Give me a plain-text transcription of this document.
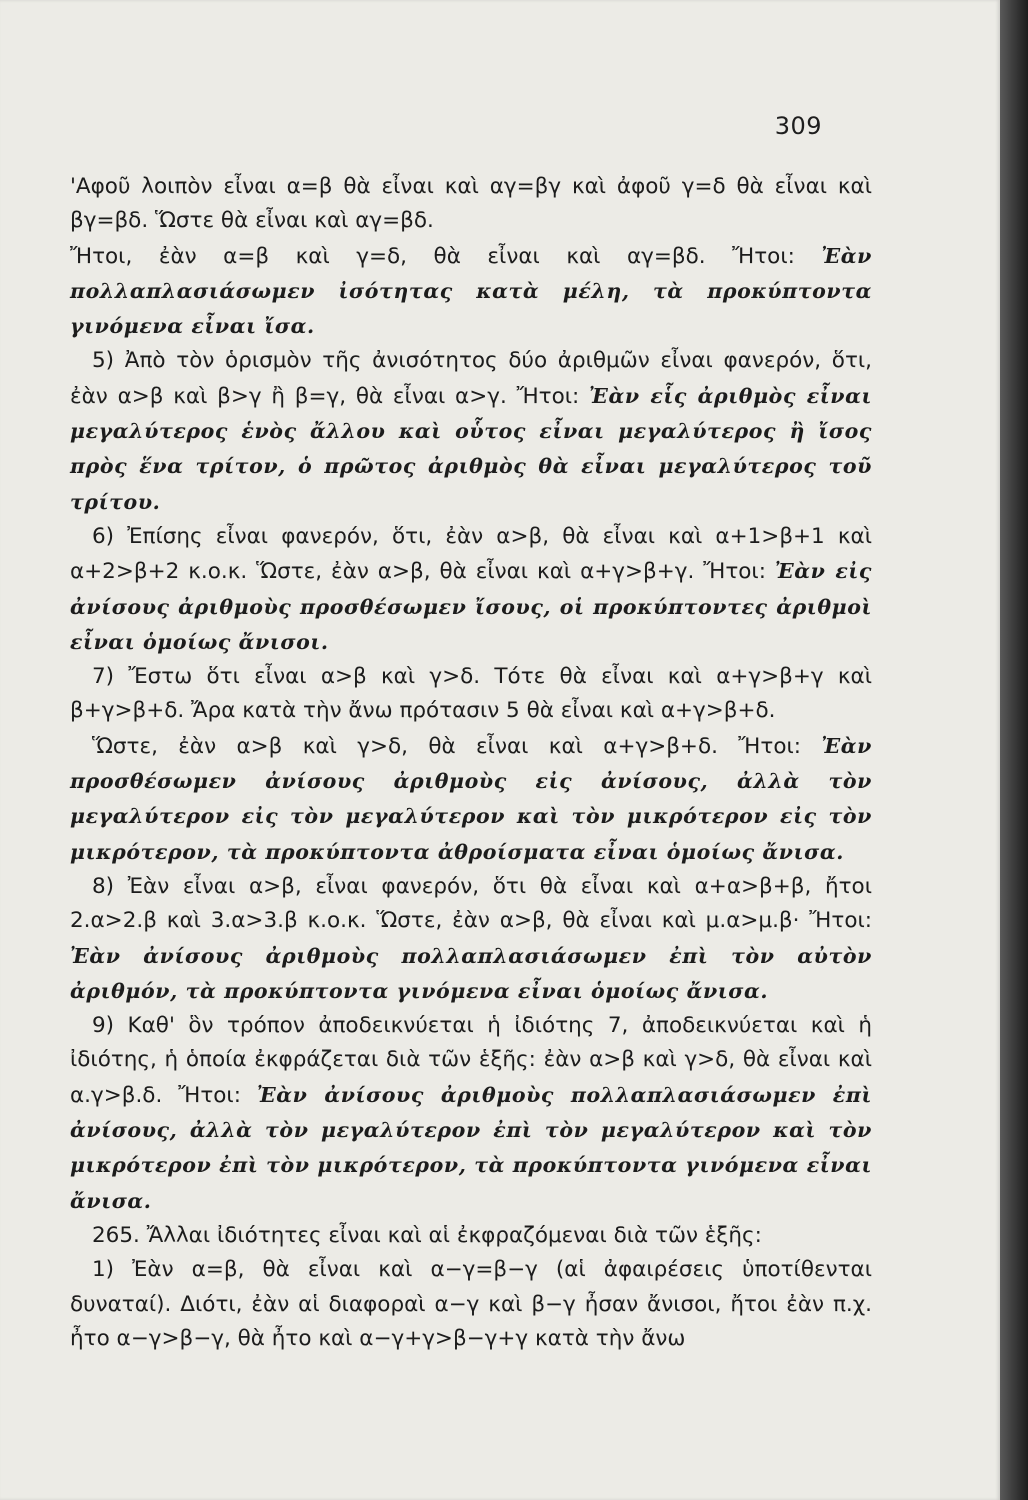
309

'Αφοῦ λοιπὸν εἶναι α=β θὰ εἶναι καὶ αγ=βγ καὶ ἀφοῦ γ=δ θὰ εἶναι καὶ βγ=βδ. Ὥστε θὰ εἶναι καὶ αγ=βδ.

Ἤτοι, ἐὰν α=β καὶ γ=δ, θὰ εἶναι καὶ αγ=βδ. Ἤτοι: Ἐὰν πολλαπλασιάσωμεν ἰσότητας κατὰ μέλη, τὰ προκύπτοντα γινόμενα εἶναι ἴσα.

5) Ἀπὸ τὸν ὁρισμὸν τῆς ἀνισότητος δύο ἀριθμῶν εἶναι φανερόν, ὅτι, ἐὰν α>β καὶ β>γ ἢ β=γ, θὰ εἶναι α>γ. Ἤτοι: Ἐὰν εἷς ἀριθμὸς εἶναι μεγαλύτερος ἑνὸς ἄλλου καὶ οὗτος εἶναι μεγαλύτερος ἢ ἴσος πρὸς ἕνα τρίτον, ὁ πρῶτος ἀριθμὸς θὰ εἶναι μεγαλύτερος τοῦ τρίτου.

6) Ἐπίσης εἶναι φανερόν, ὅτι, ἐὰν α>β, θὰ εἶναι καὶ α+1>β+1 καὶ α+2>β+2 κ.ο.κ. Ὥστε, ἐὰν α>β, θὰ εἶναι καὶ α+γ>β+γ. Ἤτοι: Ἐὰν εἰς ἀνίσους ἀριθμοὺς προσθέσωμεν ἴσους, οἱ προκύπτοντες ἀριθμοὶ εἶναι ὁμοίως ἄνισοι.

7) Ἔστω ὅτι εἶναι α>β καὶ γ>δ. Τότε θὰ εἶναι καὶ α+γ>β+γ καὶ β+γ>β+δ. Ἄρα κατὰ τὴν ἄνω πρότασιν 5 θὰ εἶναι καὶ α+γ>β+δ.

Ὥστε, ἐὰν α>β καὶ γ>δ, θὰ εἶναι καὶ α+γ>β+δ. Ἤτοι: Ἐὰν προσθέσωμεν ἀνίσους ἀριθμοὺς εἰς ἀνίσους, ἀλλὰ τὸν μεγαλύτερον εἰς τὸν μεγαλύτερον καὶ τὸν μικρότερον εἰς τὸν μικρότερον, τὰ προκύπτοντα ἀθροίσματα εἶναι ὁμοίως ἄνισα.

8) Ἐὰν εἶναι α>β, εἶναι φανερόν, ὅτι θὰ εἶναι καὶ α+α>β+β, ἤτοι 2.α>2.β καὶ 3.α>3.β κ.ο.κ. Ὥστε, ἐὰν α>β, θὰ εἶναι καὶ μ.α>μ.β· Ἤτοι: Ἐὰν ἀνίσους ἀριθμοὺς πολλαπλασιάσωμεν ἐπὶ τὸν αὐτὸν ἀριθμόν, τὰ προκύπτοντα γινόμενα εἶναι ὁμοίως ἄνισα.

9) Καθ' ὃν τρόπον ἀποδεικνύεται ἡ ἰδιότης 7, ἀποδεικνύεται καὶ ἡ ἰδιότης, ἡ ὁποία ἐκφράζεται διὰ τῶν ἑξῆς: ἐὰν α>β καὶ γ>δ, θὰ εἶναι καὶ α.γ>β.δ. Ἤτοι: Ἐὰν ἀνίσους ἀριθμοὺς πολλαπλασιάσωμεν ἐπὶ ἀνίσους, ἀλλὰ τὸν μεγαλύτερον ἐπὶ τὸν μεγαλύτερον καὶ τὸν μικρότερον ἐπὶ τὸν μικρότερον, τὰ προκύπτοντα γινόμενα εἶναι ἄνισα.

265. Ἄλλαι ἰδιότητες εἶναι καὶ αἱ ἐκφραζόμεναι διὰ τῶν ἑξῆς:

1) Ἐὰν α=β, θὰ εἶναι καὶ α−γ=β−γ (αἱ ἀφαιρέσεις ὑποτίθενται δυναταί). Διότι, ἐὰν αἱ διαφοραὶ α−γ καὶ β−γ ἦσαν ἄνισοι, ἤτοι ἐὰν π.χ. ἦτο α−γ>β−γ, θὰ ἦτο καὶ α−γ+γ>β−γ+γ κατὰ τὴν ἄνω
